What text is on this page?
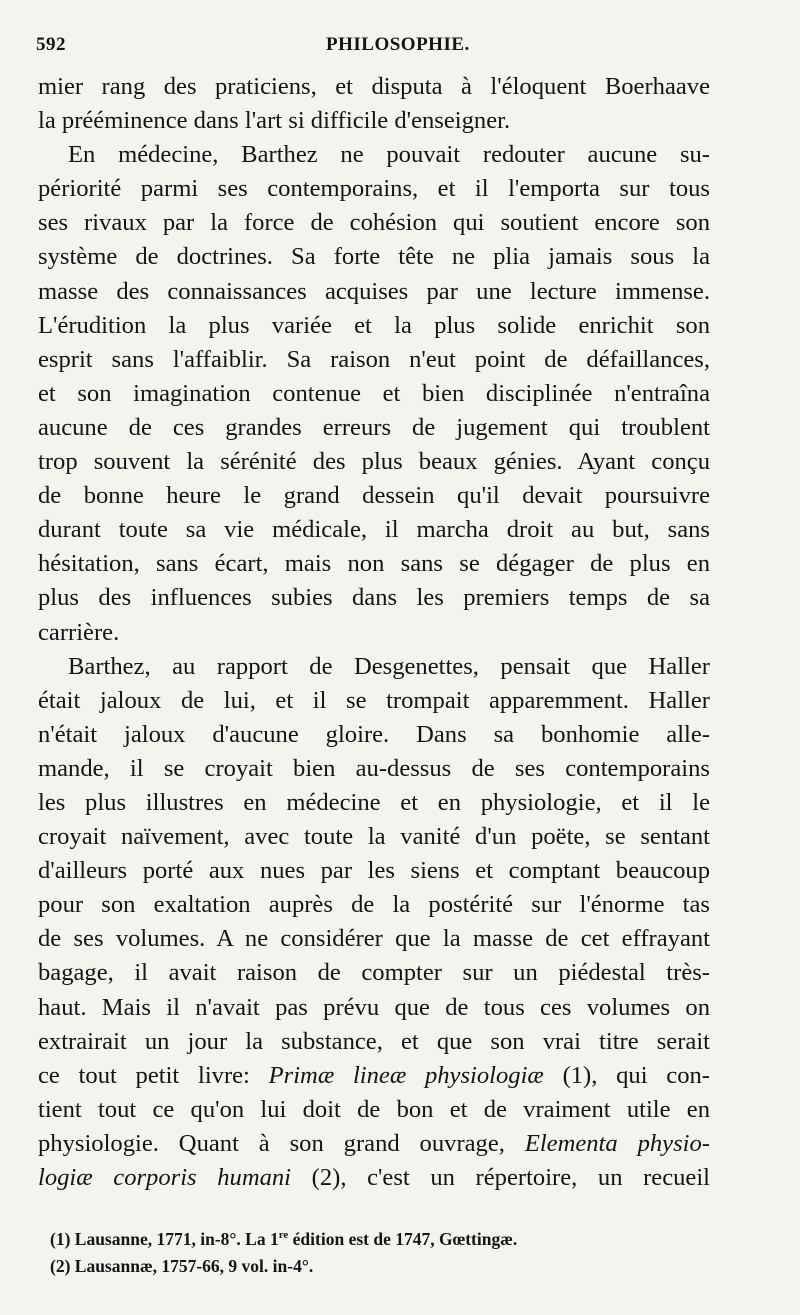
592	PHILOSOPHIE.
mier rang des praticiens, et disputa à l'éloquent Boerhaave
la prééminence dans l'art si difficile d'enseigner.
En médecine, Barthez ne pouvait redouter aucune su-
périorité parmi ses contemporains, et il l'emporta sur tous
ses rivaux par la force de cohésion qui soutient encore son
système de doctrines. Sa forte tête ne plia jamais sous la
masse des connaissances acquises par une lecture immense.
L'érudition la plus variée et la plus solide enrichit son
esprit sans l'affaiblir. Sa raison n'eut point de défaillances,
et son imagination contenue et bien disciplinée n'entraîna
aucune de ces grandes erreurs de jugement qui troublent
trop souvent la sérénité des plus beaux génies. Ayant conçu
de bonne heure le grand dessein qu'il devait poursuivre
durant toute sa vie médicale, il marcha droit au but, sans
hésitation, sans écart, mais non sans se dégager de plus en
plus des influences subies dans les premiers temps de sa
carrière.
Barthez, au rapport de Desgenettes, pensait que Haller
était jaloux de lui, et il se trompait apparemment. Haller
n'était jaloux d'aucune gloire. Dans sa bonhomie alle-
mande, il se croyait bien au-dessus de ses contemporains
les plus illustres en médecine et en physiologie, et il le
croyait naïvement, avec toute la vanité d'un poëte, se sentant
d'ailleurs porté aux nues par les siens et comptant beaucoup
pour son exaltation auprès de la postérité sur l'énorme tas
de ses volumes. A ne considérer que la masse de cet effrayant
bagage, il avait raison de compter sur un piédestal très-
haut. Mais il n'avait pas prévu que de tous ces volumes on
extrairait un jour la substance, et que son vrai titre serait
ce tout petit livre: Primæ lineæ physiologiæ (1), qui con-
tient tout ce qu'on lui doit de bon et de vraiment utile en
physiologie. Quant à son grand ouvrage, Elementa physio-
logiæ corporis humani (2), c'est un répertoire, un recueil
(1) Lausanne, 1771, in-8°. La 1re édition est de 1747, Gœttingæ.
(2) Lausannæ, 1757-66, 9 vol. in-4°.
